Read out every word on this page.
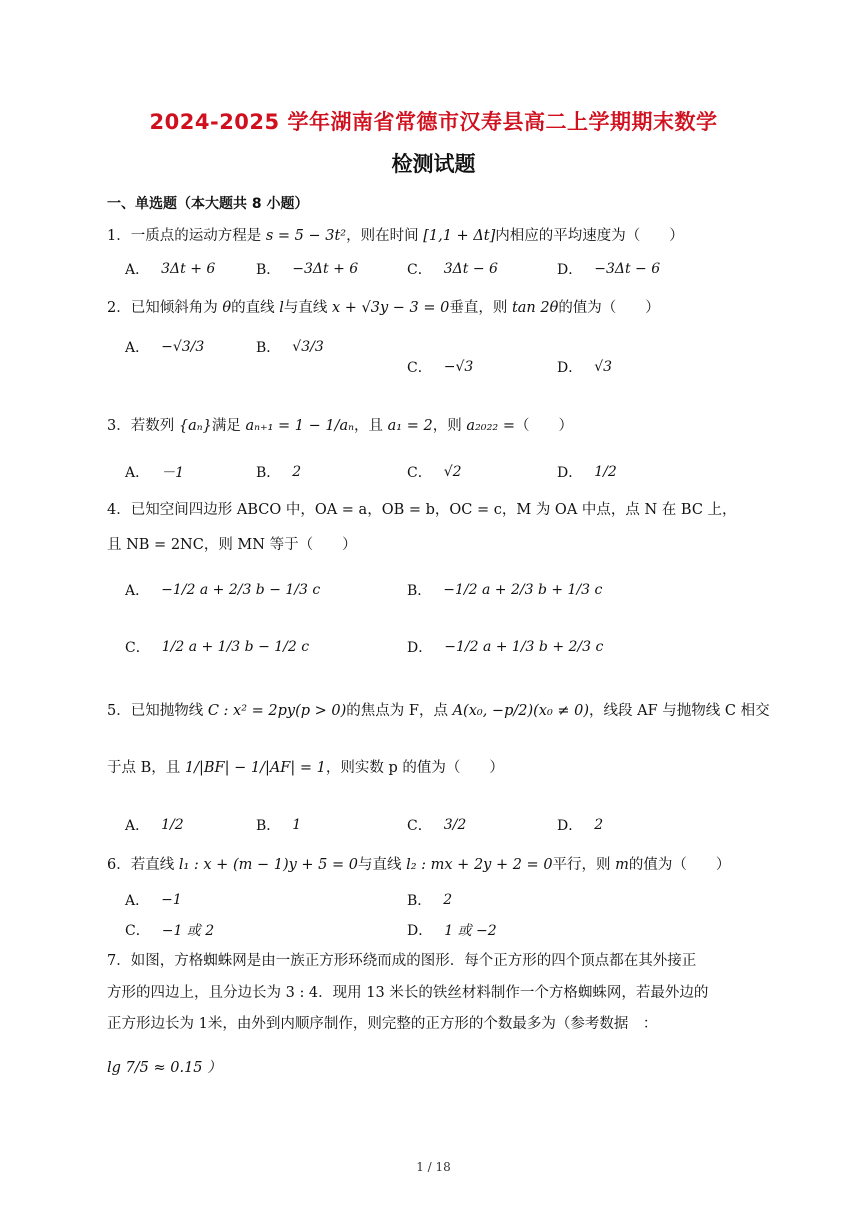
2024-2025 学年湖南省常德市汉寿县高二上学期期末数学
检测试题
一、单选题（本大题共 8 小题）
1．一质点的运动方程是 s = 5 − 3t²，则在时间 [1,1 + Δt]内相应的平均速度为（　　）
A． 3Δt + 6	B． −3Δt + 6	C． 3Δt − 6	D． −3Δt − 6
2．已知倾斜角为 θ的直线 l与直线 x + √3y − 3 = 0垂直，则 tan 2θ的值为（　　）
A． −√3/3	B． √3/3
C． −√3	D． √3
3．若数列 {aₙ}满足 aₙ₊₁ = 1 − 1/aₙ，且 a₁ = 2，则 a₂₀₂₂ =（　　）
A． －1	B． 2	C． √2	D． 1/2
4．已知空间四边形 ABCO 中，OA = a，OB = b，OC = c，M 为 OA 中点，点 N 在 BC 上，
且 NB = 2NC，则 MN 等于（　　）
A． −1/2 a + 2/3 b − 1/3 c	B． −1/2 a + 2/3 b + 1/3 c
C． 1/2 a + 1/3 b − 1/2 c	D． −1/2 a + 1/3 b + 2/3 c
5．已知抛物线 C : x² = 2py(p > 0)的焦点为 F，点 A(x₀, −p/2)(x₀ ≠ 0)，线段 AF 与抛物线 C 相交
于点 B，且 1/|BF| − 1/|AF| = 1，则实数 p 的值为（　　）
A． 1/2	B． 1	C． 3/2	D． 2
6．若直线 l₁ : x + (m − 1)y + 5 = 0与直线 l₂ : mx + 2y + 2 = 0平行，则 m的值为（　　）
A． −1	B． 2
C． −1 或 2	D． 1 或 −2
7．如图，方格蜘蛛网是由一族正方形环绕而成的图形．每个正方形的四个顶点都在其外接正
方形的四边上，且分边长为 3 : 4．现用 13 米长的铁丝材料制作一个方格蜘蛛网，若最外边的
正方形边长为 1米，由外到内顺序制作，则完整的正方形的个数最多为（参考数据　：
lg 7/5 ≈ 0.15 ）
1 / 18
